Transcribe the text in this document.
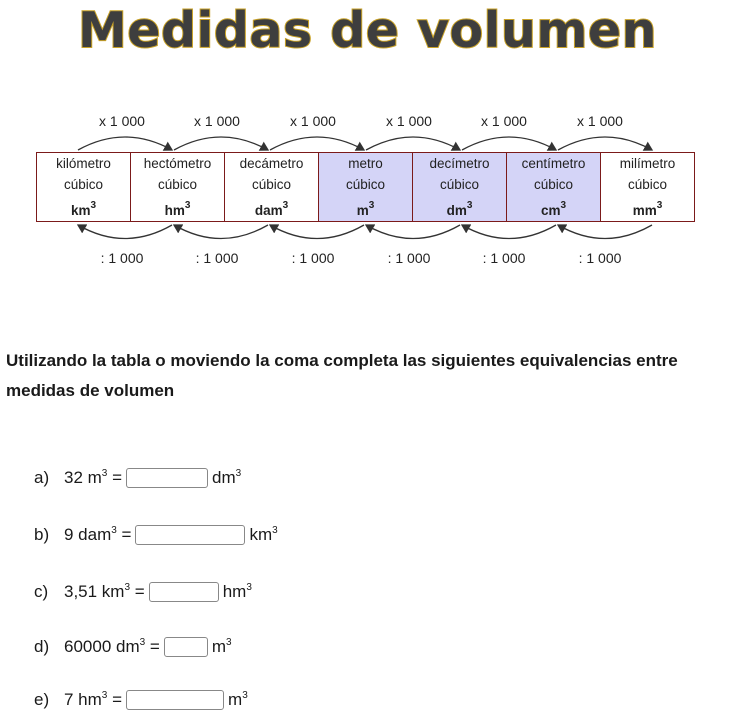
Medidas de volumen
x 1 000	x 1 000	x 1 000	x 1 000	x 1 000	x 1 000
kilómetro
cúbico
$km^3$

hectómetro
cúbico
$hm^3$

decámetro
cúbico
dam$^3$

metro
cúbico
$m^3$

decímetro
cúbico
$dm^3$

centímetro
cúbico
$cm^3$

milímetro
cúbico
$mm^3$
: 1 000	: 1 000	: 1 000	: 1 000	: 1 000	: 1 000
Utilizando la tabla o moviendo la coma completa las siguientes equivalencias entre medidas de volumen
a) 32 $m^3$ =	$dm^3$
b) 9 dam$^3$ =	$km^3$
c) 3,51 $km^3$ =	$hm^3$
d) 60000 $dm^3$ =	$m^3$
e) 7 $hm^3$ =	$m^3$
